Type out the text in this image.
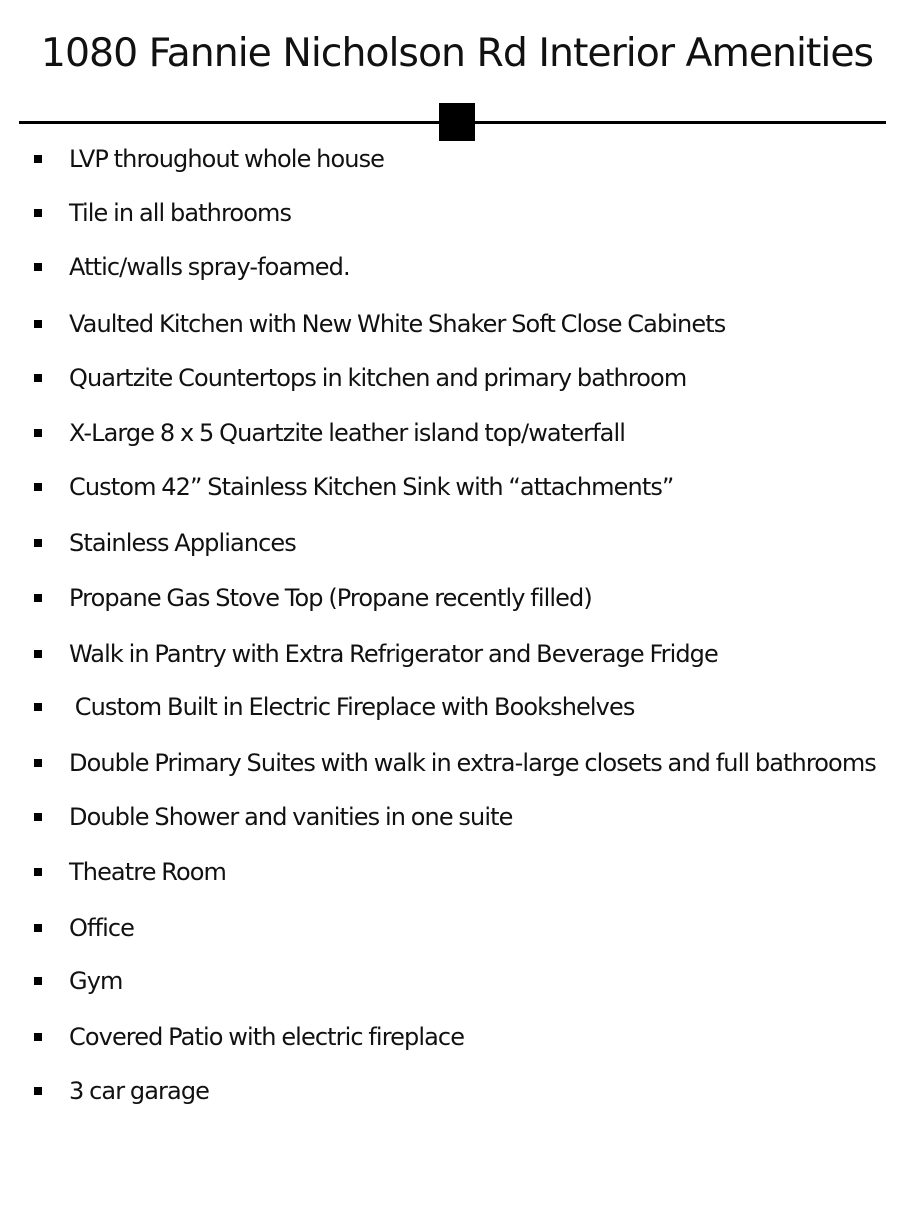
1080 Fannie Nicholson Rd Interior Amenities
LVP throughout whole house
Tile in all bathrooms
Attic/walls spray-foamed.
Vaulted Kitchen with New White Shaker Soft Close Cabinets
Quartzite Countertops in kitchen and primary bathroom
X-Large 8 x 5 Quartzite leather island top/waterfall
Custom 42” Stainless Kitchen Sink with “attachments”
Stainless Appliances
Propane Gas Stove Top (Propane recently filled)
Walk in Pantry with Extra Refrigerator and Beverage Fridge
Custom Built in Electric Fireplace with Bookshelves
Double Primary Suites with walk in extra-large closets and full bathrooms
Double Shower and vanities in one suite
Theatre Room
Office
Gym
Covered Patio with electric fireplace
3 car garage
